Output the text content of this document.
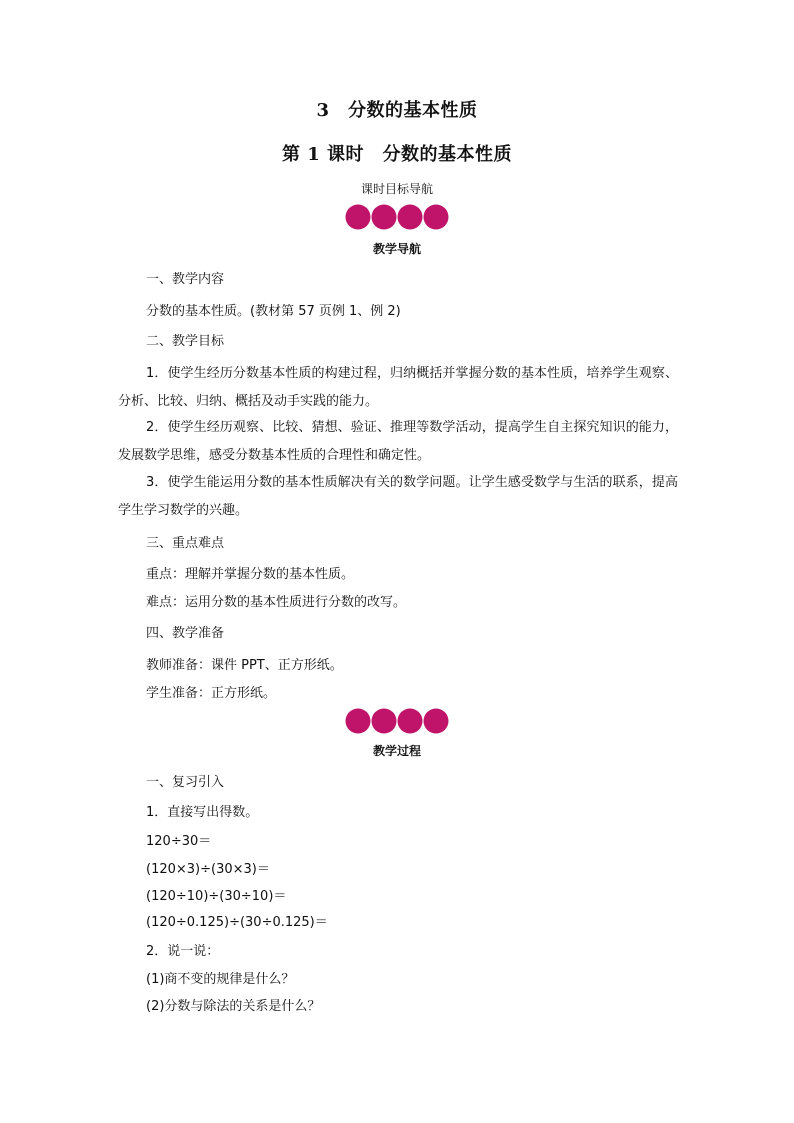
3　分数的基本性质
第 1 课时　分数的基本性质
课时目标导航
教学导航
一、教学内容
分数的基本性质。(教材第 57 页例 1、例 2)
二、教学目标
1．使学生经历分数基本性质的构建过程，归纳概括并掌握分数的基本性质，培养学生观察、分析、比较、归纳、概括及动手实践的能力。
2．使学生经历观察、比较、猜想、验证、推理等数学活动，提高学生自主探究知识的能力，发展数学思维，感受分数基本性质的合理性和确定性。
3．使学生能运用分数的基本性质解决有关的数学问题。让学生感受数学与生活的联系，提高学生学习数学的兴趣。
三、重点难点
重点：理解并掌握分数的基本性质。
难点：运用分数的基本性质进行分数的改写。
四、教学准备
教师准备：课件 PPT、正方形纸。
学生准备：正方形纸。
教学过程
一、复习引入
1．直接写出得数。
120÷30＝
(120×3)÷(30×3)＝
(120÷10)÷(30÷10)＝
(120÷0.125)÷(30÷0.125)＝
2．说一说：
(1)商不变的规律是什么？
(2)分数与除法的关系是什么？
